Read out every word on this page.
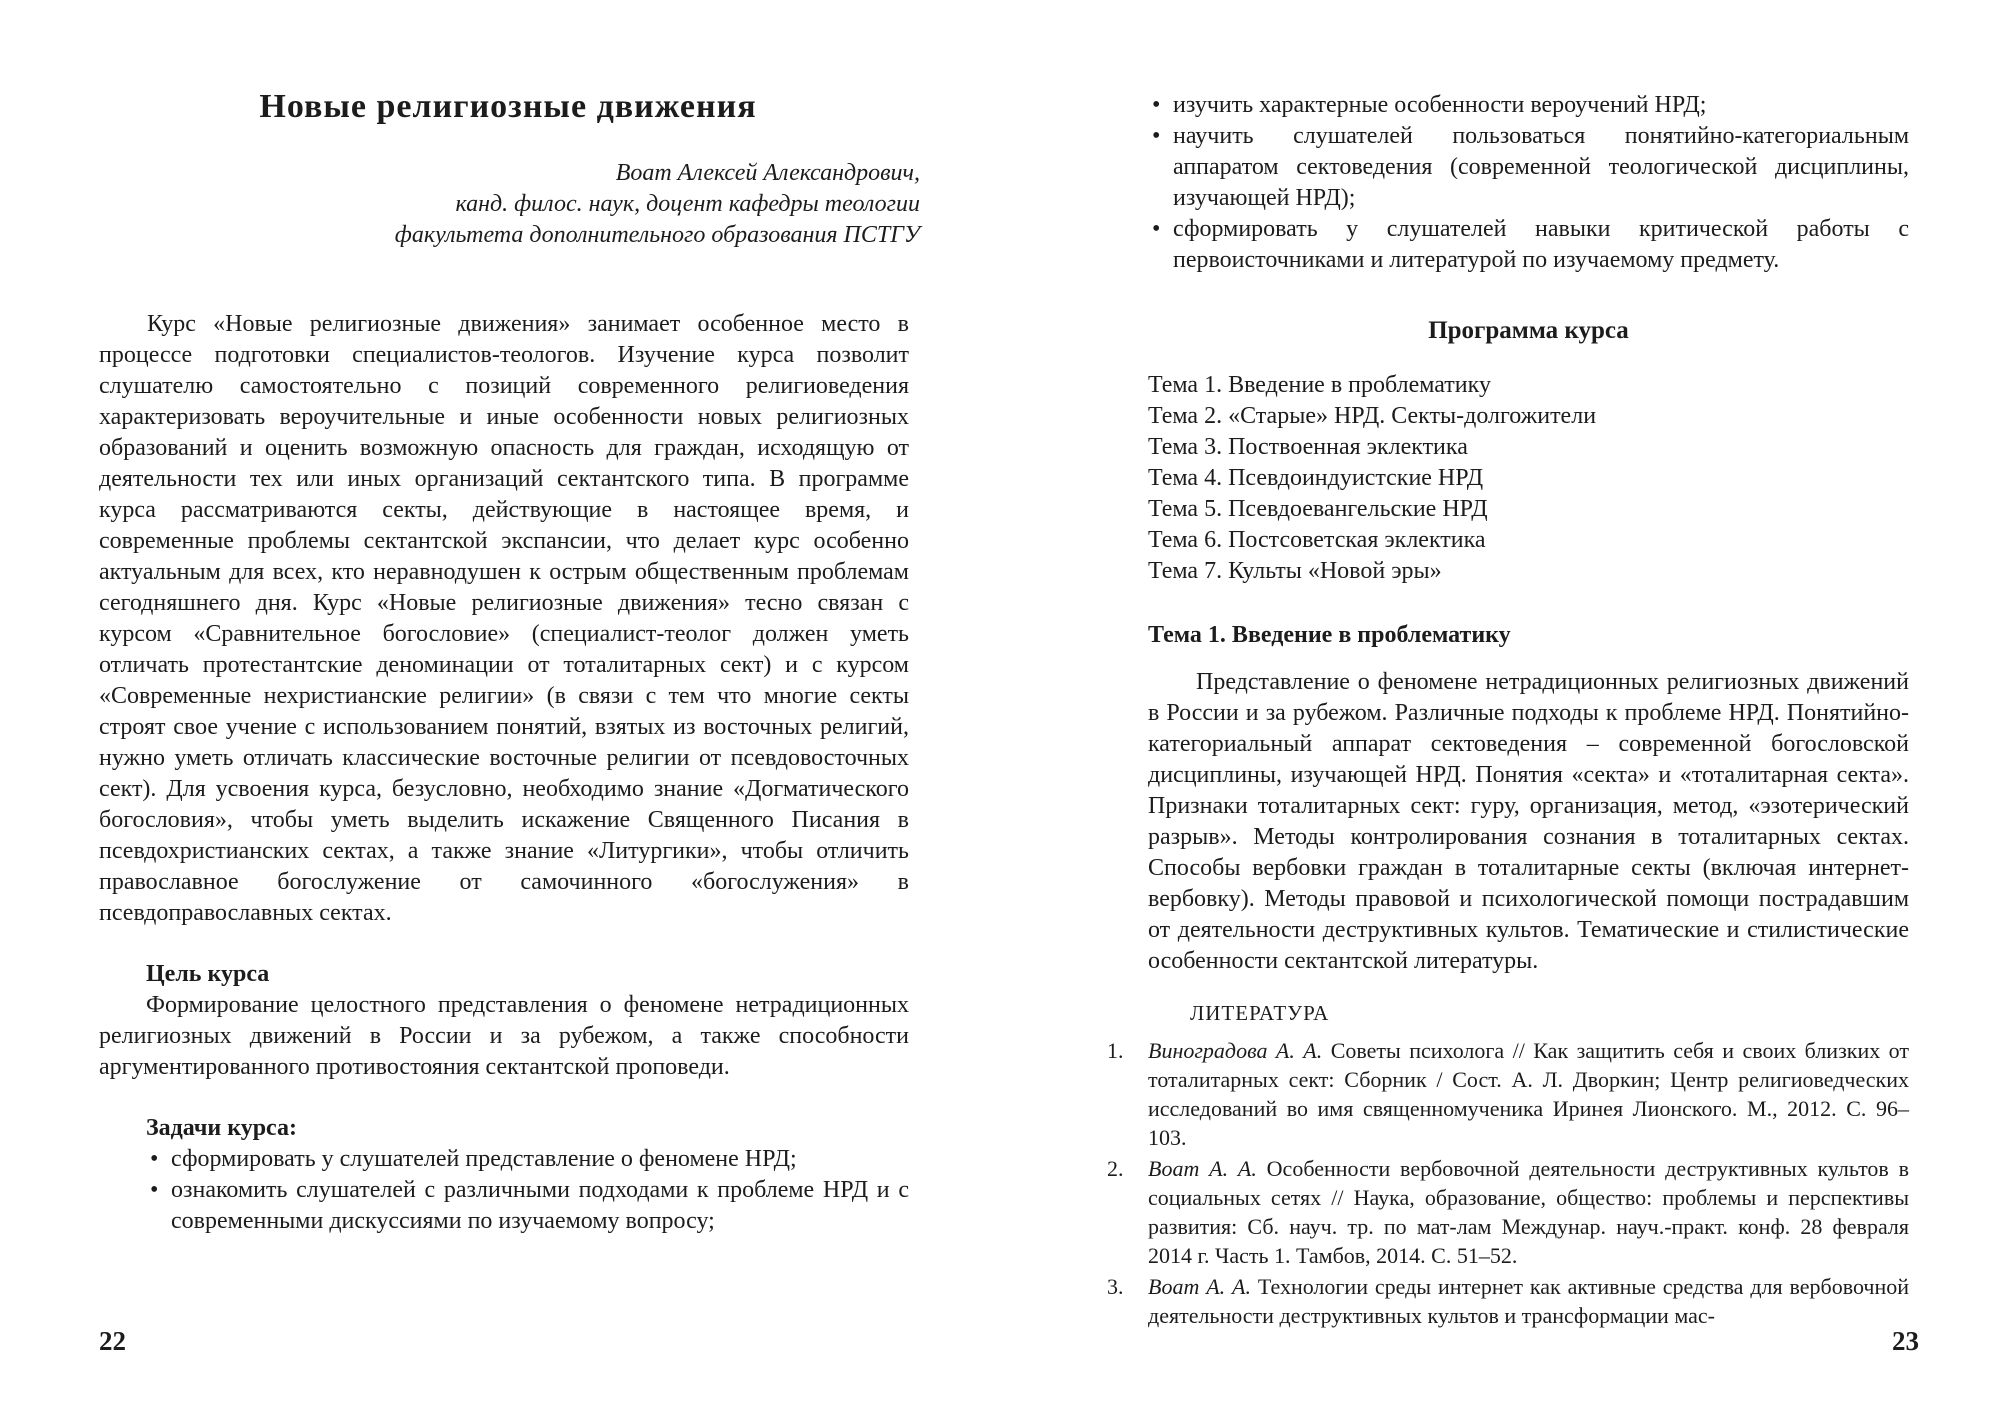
Новые религиозные движения
Воат Алексей Александрович,
канд. филос. наук, доцент кафедры теологии
факультета дополнительного образования ПСТГУ

Курс «Новые религиозные движения» занимает особенное место в процессе подготовки специалистов-теологов. Изучение курса позволит слушателю самостоятельно с позиций современного религиоведения характеризовать вероучительные и иные особенности новых религиозных образований и оценить возможную опасность для граждан, исходящую от деятельности тех или иных организаций сектантского типа. В программе курса рассматриваются секты, действующие в настоящее время, и современные проблемы сектантской экспансии, что делает курс особенно актуальным для всех, кто неравнодушен к острым общественным проблемам сегодняшнего дня. Курс «Новые религиозные движения» тесно связан с курсом «Сравнительное богословие» (специалист-теолог должен уметь отличать протестантские деноминации от тоталитарных сект) и с курсом «Современные нехристианские религии» (в связи с тем что многие секты строят свое учение с использованием понятий, взятых из восточных религий, нужно уметь отличать классические восточные религии от псевдовосточных сект). Для усвоения курса, безусловно, необходимо знание «Догматического богословия», чтобы уметь выделить искажение Священного Писания в псевдохристианских сектах, а также знание «Литургики», чтобы отличить православное богослужение от самочинного «богослужения» в псевдоправославных сектах.

Цель курса

Формирование целостного представления о феномене нетрадиционных религиозных движений в России и за рубежом, а также способности аргументированного противостояния сектантской проповеди.

Задачи курса:
• сформировать у слушателей представление о феномене НРД;
• ознакомить слушателей с различными подходами к проблеме НРД и с современными дискуссиями по изучаемому вопросу;
22
• изучить характерные особенности вероучений НРД;
• научить слушателей пользоваться понятийно-категориальным аппаратом сектоведения (современной теологической дисциплины, изучающей НРД);
• сформировать у слушателей навыки критической работы с первоисточниками и литературой по изучаемому предмету.
Программа курса
Тема 1. Введение в проблематику
Тема 2. «Старые» НРД. Секты-долгожители
Тема 3. Поствоенная эклектика
Тема 4. Псевдоиндуистские НРД
Тема 5. Псевдоевангельские НРД
Тема 6. Постсоветская эклектика
Тема 7. Культы «Новой эры»
Тема 1. Введение в проблематику

Представление о феномене нетрадиционных религиозных движений в России и за рубежом. Различные подходы к проблеме НРД. Понятийно-категориальный аппарат сектоведения – современной богословской дисциплины, изучающей НРД. Понятия «секта» и «тоталитарная секта». Признаки тоталитарных сект: гуру, организация, метод, «эзотерический разрыв». Методы контролирования сознания в тоталитарных сектах. Способы вербовки граждан в тоталитарные секты (включая интернет-вербовку). Методы правовой и психологической помощи пострадавшим от деятельности деструктивных культов. Тематические и стилистические особенности сектантской литературы.

ЛИТЕРАТУРА
1.	Виноградова А. А. Советы психолога // Как защитить себя и своих близких от тоталитарных сект: Сборник / Сост. А. Л. Дворкин; Центр религиоведческих исследований во имя священномученика Иринея Лионского. М., 2012. С. 96–103.
2.	Воат А. А. Особенности вербовочной деятельности деструктивных культов в социальных сетях // Наука, образование, общество: проблемы и перспективы развития: Сб. науч. тр. по мат-лам Междунар. науч.-практ. конф. 28 февраля 2014 г. Часть 1. Тамбов, 2014. С. 51–52.
3.	Воат А. А. Технологии среды интернет как активные средства для вербовочной деятельности деструктивных культов и трансформации мас-
23
